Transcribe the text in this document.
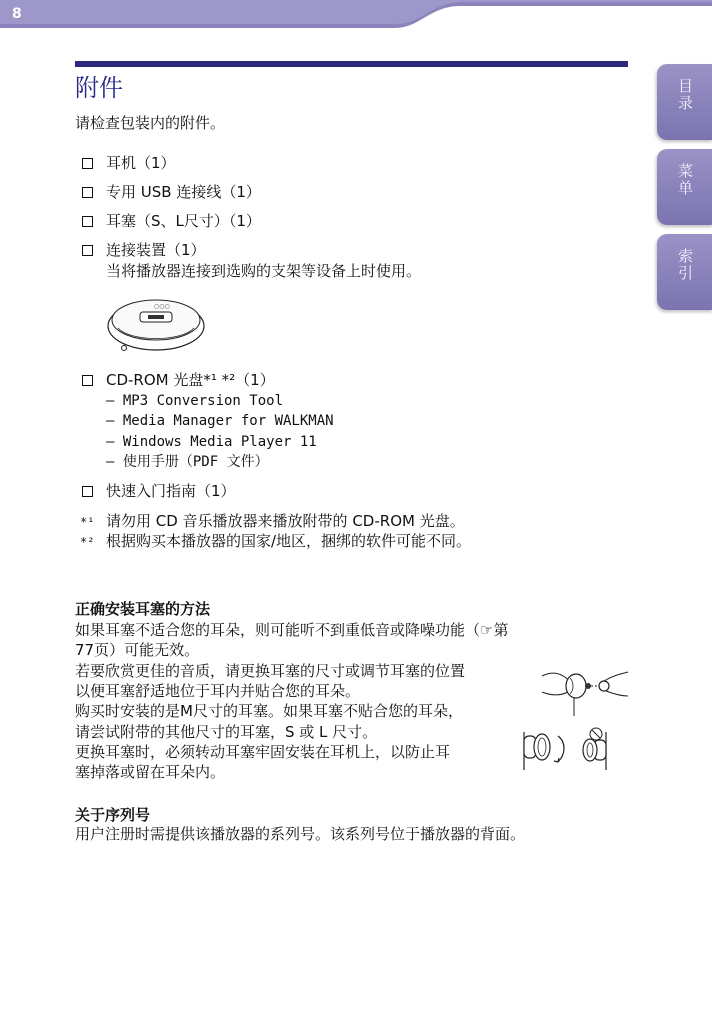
8
目录
菜单
索引
附件
请检查包装内的附件。
耳机（1）
专用 USB 连接线（1）
耳塞（S、L尺寸）（1）
连接装置（1）
当将播放器连接到选购的支架等设备上时使用。
○○○
CD-ROM 光盘*¹ *²（1）
– MP3 Conversion Tool
– Media Manager for WALKMAN
– Windows Media Player 11
– 使用手册（PDF 文件）
快速入门指南（1）
*¹ 请勿用 CD 音乐播放器来播放附带的 CD-ROM 光盘。
*² 根据购买本播放器的国家/地区，捆绑的软件可能不同。
正确安装耳塞的方法
如果耳塞不适合您的耳朵，则可能听不到重低音或降噪功能（☞第
77页）可能无效。
若要欣赏更佳的音质，请更换耳塞的尺寸或调节耳塞的位置
以便耳塞舒适地位于耳内并贴合您的耳朵。
购买时安装的是M尺寸的耳塞。如果耳塞不贴合您的耳朵，
请尝试附带的其他尺寸的耳塞，S 或 L 尺寸。
更换耳塞时，必须转动耳塞牢固安装在耳机上，以防止耳
塞掉落或留在耳朵内。
关于序列号
用户注册时需提供该播放器的系列号。该系列号位于播放器的背面。
